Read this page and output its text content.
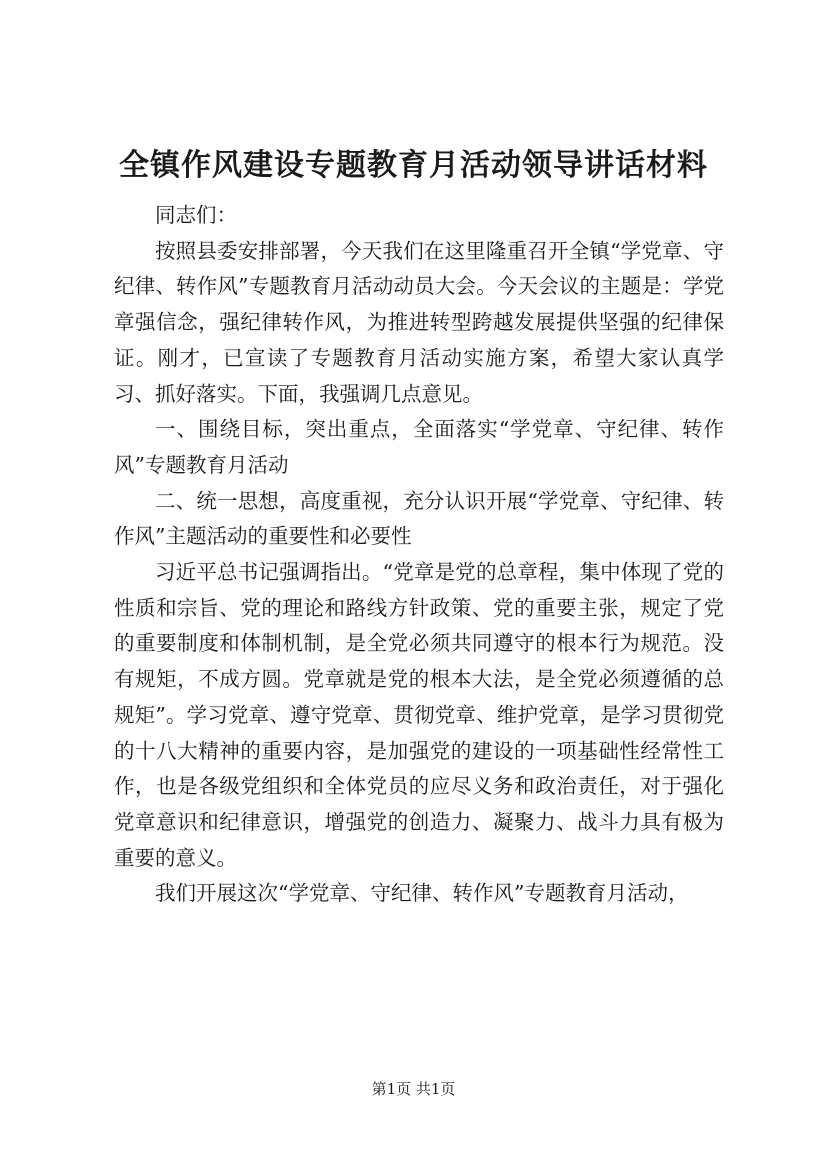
全镇作风建设专题教育月活动领导讲话材料

同志们：

按照县委安排部署，今天我们在这里隆重召开全镇“学党章、守纪律、转作风”专题教育月活动动员大会。今天会议的主题是：学党章强信念，强纪律转作风，为推进转型跨越发展提供坚强的纪律保证。刚才，已宣读了专题教育月活动实施方案，希望大家认真学习、抓好落实。下面，我强调几点意见。

一、围绕目标，突出重点，全面落实“学党章、守纪律、转作风”专题教育月活动

二、统一思想，高度重视，充分认识开展“学党章、守纪律、转作风”主题活动的重要性和必要性

习近平总书记强调指出。“党章是党的总章程，集中体现了党的性质和宗旨、党的理论和路线方针政策、党的重要主张，规定了党的重要制度和体制机制，是全党必须共同遵守的根本行为规范。没有规矩，不成方圆。党章就是党的根本大法，是全党必须遵循的总规矩”。学习党章、遵守党章、贯彻党章、维护党章，是学习贯彻党的十八大精神的重要内容，是加强党的建设的一项基础性经常性工作，也是各级党组织和全体党员的应尽义务和政治责任，对于强化党章意识和纪律意识，增强党的创造力、凝聚力、战斗力具有极为重要的意义。

我们开展这次“学党章、守纪律、转作风”专题教育月活动，

第1页 共1页
